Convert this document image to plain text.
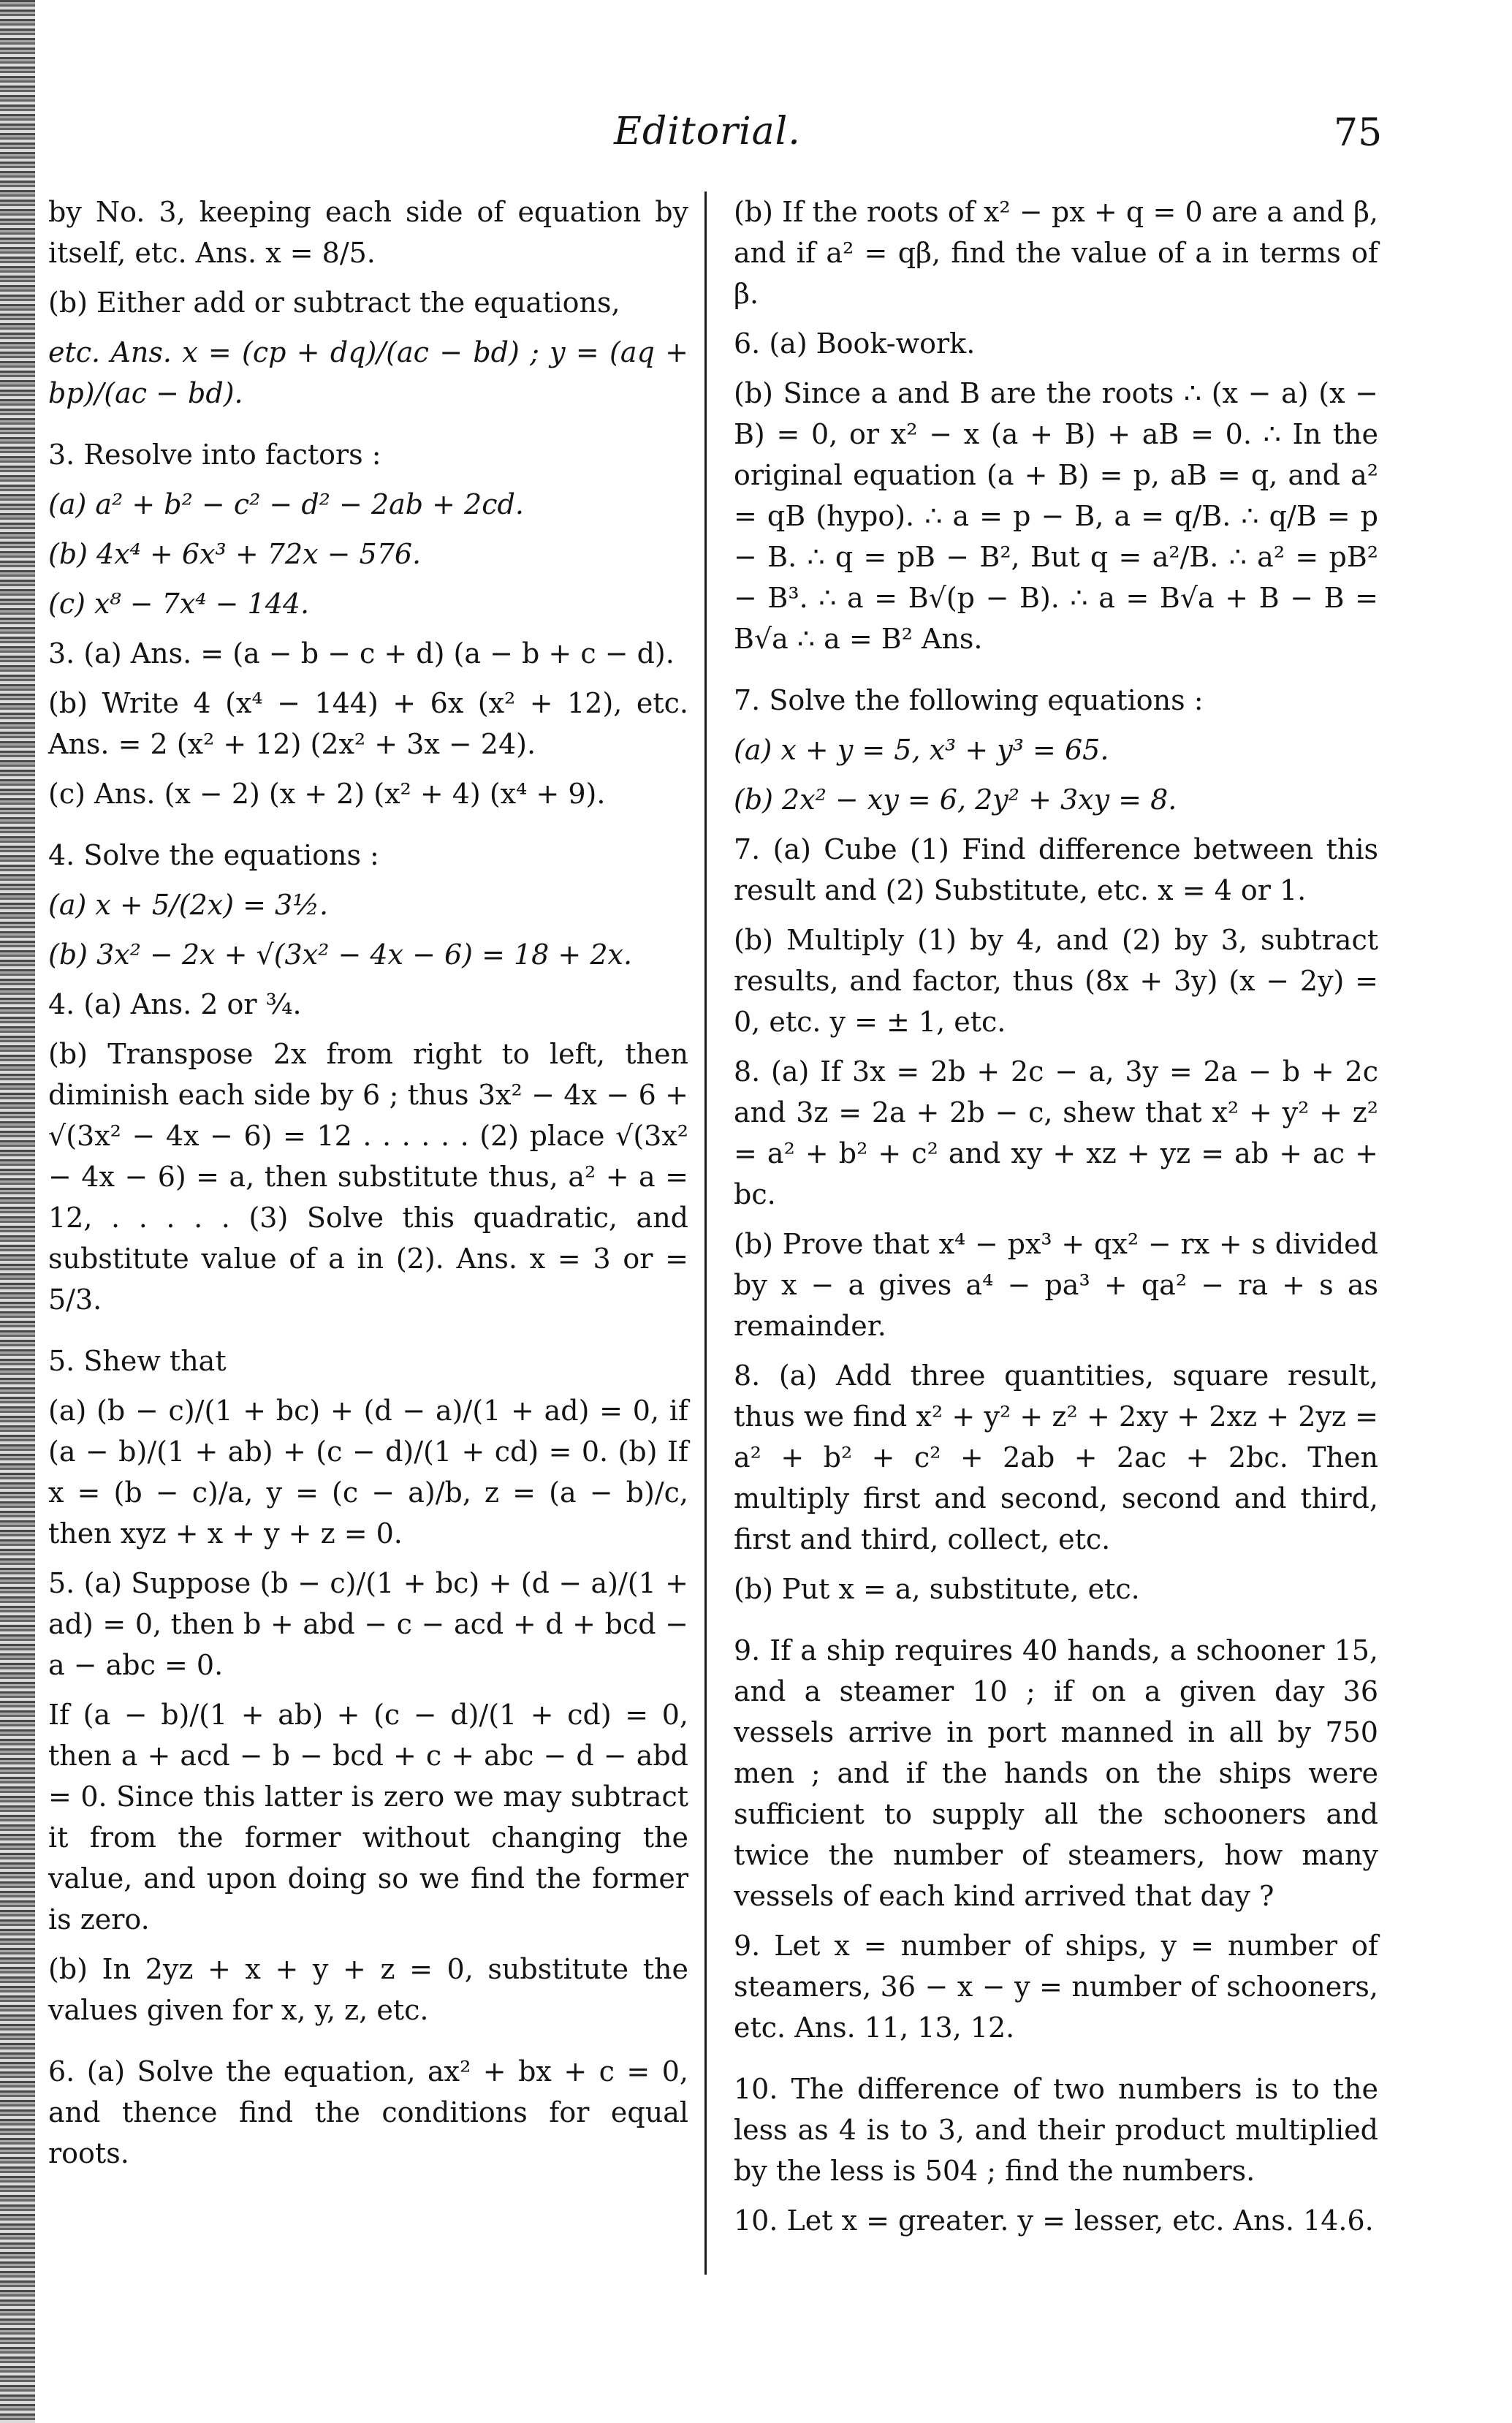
Editorial.	75

by No. 3, keeping each side of equation by itself, etc. Ans. x = 8/5.

(b) Either add or subtract the equations,

etc. Ans. x = (cp + dq)/(ac − bd) ; y = (aq + bp)/(ac − bd).

3. Resolve into factors :

(a) a² + b² − c² − d² − 2ab + 2cd.

(b) 4x⁴ + 6x³ + 72x − 576.

(c) x⁸ − 7x⁴ − 144.

3. (a) Ans. = (a − b − c + d) (a − b + c − d).

(b) Write 4 (x⁴ − 144) + 6x (x² + 12), etc. Ans. = 2 (x² + 12) (2x² + 3x − 24).

(c) Ans. (x − 2) (x + 2) (x² + 4) (x⁴ + 9).

4. Solve the equations :

(a) x + 5/(2x) = 3½.

(b) 3x² − 2x + √(3x² − 4x − 6) = 18 + 2x.

4. (a) Ans. 2 or ¾.

(b) Transpose 2x from right to left, then diminish each side by 6 ; thus 3x² − 4x − 6 + √(3x² − 4x − 6) = 12 . . . . . . (2) place √(3x² − 4x − 6) = a, then substitute thus, a² + a = 12, . . . . . (3) Solve this quadratic, and substitute value of a in (2). Ans. x = 3 or = 5/3.

5. Shew that

(a) (b − c)/(1 + bc) + (d − a)/(1 + ad) = 0, if (a − b)/(1 + ab) + (c − d)/(1 + cd) = 0. (b) If x = (b − c)/a, y = (c − a)/b, z = (a − b)/c, then xyz + x + y + z = 0.

5. (a) Suppose (b − c)/(1 + bc) + (d − a)/(1 + ad) = 0, then b + abd − c − acd + d + bcd − a − abc = 0.

If (a − b)/(1 + ab) + (c − d)/(1 + cd) = 0, then a + acd − b − bcd + c + abc − d − abd = 0. Since this latter is zero we may subtract it from the former without changing the value, and upon doing so we find the former is zero.

(b) In 2yz + x + y + z = 0, substitute the values given for x, y, z, etc.

6. (a) Solve the equation, ax² + bx + c = 0, and thence find the conditions for equal roots.

(b) If the roots of x² − px + q = 0 are a and β, and if a² = qβ, find the value of a in terms of β.

6. (a) Book-work.

(b) Since a and B are the roots ∴ (x − a) (x − B) = 0, or x² − x (a + B) + aB = 0. ∴ In the original equation (a + B) = p, aB = q, and a² = qB (hypo). ∴ a = p − B, a = q/B. ∴ q/B = p − B. ∴ q = pB − B², But q = a²/B. ∴ a² = pB² − B³. ∴ a = B√(p − B). ∴ a = B√a + B − B = B√a ∴ a = B² Ans.

7. Solve the following equations :

(a) x + y = 5, x³ + y³ = 65.

(b) 2x² − xy = 6, 2y² + 3xy = 8.

7. (a) Cube (1) Find difference between this result and (2) Substitute, etc. x = 4 or 1.

(b) Multiply (1) by 4, and (2) by 3, subtract results, and factor, thus (8x + 3y) (x − 2y) = 0, etc. y = ± 1, etc.

8. (a) If 3x = 2b + 2c − a, 3y = 2a − b + 2c and 3z = 2a + 2b − c, shew that x² + y² + z² = a² + b² + c² and xy + xz + yz = ab + ac + bc.

(b) Prove that x⁴ − px³ + qx² − rx + s divided by x − a gives a⁴ − pa³ + qa² − ra + s as remainder.

8. (a) Add three quantities, square result, thus we find x² + y² + z² + 2xy + 2xz + 2yz = a² + b² + c² + 2ab + 2ac + 2bc. Then multiply first and second, second and third, first and third, collect, etc.

(b) Put x = a, substitute, etc.

9. If a ship requires 40 hands, a schooner 15, and a steamer 10 ; if on a given day 36 vessels arrive in port manned in all by 750 men ; and if the hands on the ships were sufficient to supply all the schooners and twice the number of steamers, how many vessels of each kind arrived that day ?

9. Let x = number of ships, y = number of steamers, 36 − x − y = number of schooners, etc. Ans. 11, 13, 12.

10. The difference of two numbers is to the less as 4 is to 3, and their product multiplied by the less is 504 ; find the numbers.

10. Let x = greater. y = lesser, etc. Ans. 14.6.
